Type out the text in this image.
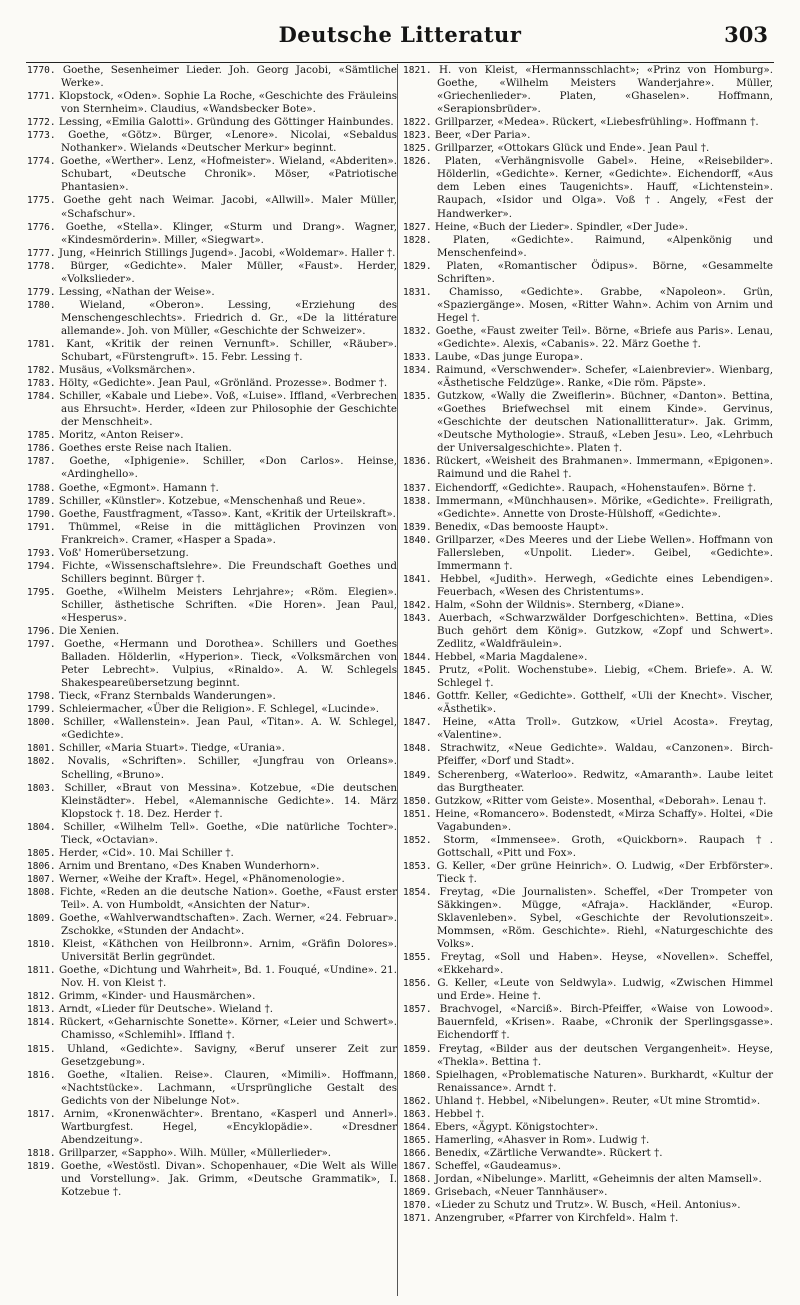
Deutsche Litteratur	303

1770. Goethe, Sesenheimer Lieder. Joh. Georg Jacobi, «Sämtliche Werke».

1771. Klopstock, «Oden». Sophie La Roche, «Geschichte des Fräuleins von Sternheim». Claudius, «Wandsbecker Bote».

1772. Lessing, «Emilia Galotti». Gründung des Göttinger Hainbundes.

1773. Goethe, «Götz». Bürger, «Lenore». Nicolai, «Sebaldus Nothanker». Wielands «Deutscher Merkur» beginnt.

1774. Goethe, «Werther». Lenz, «Hofmeister». Wieland, «Abderiten». Schubart, «Deutsche Chronik». Möser, «Patriotische Phantasien».

1775. Goethe geht nach Weimar. Jacobi, «Allwill». Maler Müller, «Schafschur».

1776. Goethe, «Stella». Klinger, «Sturm und Drang». Wagner, «Kindesmörderin». Miller, «Siegwart».

1777. Jung, «Heinrich Stillings Jugend». Jacobi, «Woldemar». Haller †.

1778. Bürger, «Gedichte». Maler Müller, «Faust». Herder, «Volkslieder».

1779. Lessing, «Nathan der Weise».

1780. Wieland, «Oberon». Lessing, «Erziehung des Menschengeschlechts». Friedrich d. Gr., «De la littérature allemande». Joh. von Müller, «Geschichte der Schweizer».

1781. Kant, «Kritik der reinen Vernunft». Schiller, «Räuber». Schubart, «Fürstengruft». 15. Febr. Lessing †.

1782. Musäus, «Volksmärchen».

1783. Hölty, «Gedichte». Jean Paul, «Grönländ. Prozesse». Bodmer †.

1784. Schiller, «Kabale und Liebe». Voß, «Luise». Iffland, «Verbrechen aus Ehrsucht». Herder, «Ideen zur Philosophie der Geschichte der Menschheit».

1785. Moritz, «Anton Reiser».

1786. Goethes erste Reise nach Italien.

1787. Goethe, «Iphigenie». Schiller, «Don Carlos». Heinse, «Ardinghello».

1788. Goethe, «Egmont». Hamann †.

1789. Schiller, «Künstler». Kotzebue, «Menschenhaß und Reue».

1790. Goethe, Faustfragment, «Tasso». Kant, «Kritik der Urteilskraft».

1791. Thümmel, «Reise in die mittäglichen Provinzen von Frankreich». Cramer, «Hasper a Spada».

1793. Voß' Homerübersetzung.

1794. Fichte, «Wissenschaftslehre». Die Freundschaft Goethes und Schillers beginnt. Bürger †.

1795. Goethe, «Wilhelm Meisters Lehrjahre»; «Röm. Elegien». Schiller, ästhetische Schriften. «Die Horen». Jean Paul, «Hesperus».

1796. Die Xenien.

1797. Goethe, «Hermann und Dorothea». Schillers und Goethes Balladen. Hölderlin, «Hyperion». Tieck, «Volksmärchen von Peter Lebrecht». Vulpius, «Rinaldo». A. W. Schlegels Shakespeareübersetzung beginnt.

1798. Tieck, «Franz Sternbalds Wanderungen».

1799. Schleiermacher, «Über die Religion». F. Schlegel, «Lucinde».

1800. Schiller, «Wallenstein». Jean Paul, «Titan». A. W. Schlegel, «Gedichte».

1801. Schiller, «Maria Stuart». Tiedge, «Urania».

1802. Novalis, «Schriften». Schiller, «Jungfrau von Orleans». Schelling, «Bruno».

1803. Schiller, «Braut von Messina». Kotzebue, «Die deutschen Kleinstädter». Hebel, «Alemannische Gedichte». 14. März Klopstock †. 18. Dez. Herder †.

1804. Schiller, «Wilhelm Tell». Goethe, «Die natürliche Tochter». Tieck, «Octavian».

1805. Herder, «Cid». 10. Mai Schiller †.

1806. Arnim und Brentano, «Des Knaben Wunderhorn».

1807. Werner, «Weihe der Kraft». Hegel, «Phänomenologie».

1808. Fichte, «Reden an die deutsche Nation». Goethe, «Faust erster Teil». A. von Humboldt, «Ansichten der Natur».

1809. Goethe, «Wahlverwandtschaften». Zach. Werner, «24. Februar». Zschokke, «Stunden der Andacht».

1810. Kleist, «Käthchen von Heilbronn». Arnim, «Gräfin Dolores». Universität Berlin gegründet.

1811. Goethe, «Dichtung und Wahrheit», Bd. 1. Fouqué, «Undine». 21. Nov. H. von Kleist †.

1812. Grimm, «Kinder- und Hausmärchen».

1813. Arndt, «Lieder für Deutsche». Wieland †.

1814. Rückert, «Geharnischte Sonette». Körner, «Leier und Schwert». Chamisso, «Schlemihl». Iffland †.

1815. Uhland, «Gedichte». Savigny, «Beruf unserer Zeit zur Gesetzgebung».

1816. Goethe, «Italien. Reise». Clauren, «Mimili». Hoffmann, «Nachtstücke». Lachmann, «Ursprüngliche Gestalt des Gedichts von der Nibelunge Not».

1817. Arnim, «Kronenwächter». Brentano, «Kasperl und Annerl». Wartburgfest. Hegel, «Encyklopädie». «Dresdner Abendzeitung».

1818. Grillparzer, «Sappho». Wilh. Müller, «Müllerlieder».

1819. Goethe, «Westöstl. Divan». Schopenhauer, «Die Welt als Wille und Vorstellung». Jak. Grimm, «Deutsche Grammatik», I. Kotzebue †.

1821. H. von Kleist, «Hermannsschlacht»; «Prinz von Homburg». Goethe, «Wilhelm Meisters Wanderjahre». Müller, «Griechenlieder». Platen, «Ghaselen». Hoffmann, «Serapionsbrüder».

1822. Grillparzer, «Medea». Rückert, «Liebesfrühling». Hoffmann †.

1823. Beer, «Der Paria».

1825. Grillparzer, «Ottokars Glück und Ende». Jean Paul †.

1826. Platen, «Verhängnisvolle Gabel». Heine, «Reisebilder». Hölderlin, «Gedichte». Kerner, «Gedichte». Eichendorff, «Aus dem Leben eines Taugenichts». Hauff, «Lichtenstein». Raupach, «Isidor und Olga». Voß †. Angely, «Fest der Handwerker».

1827. Heine, «Buch der Lieder». Spindler, «Der Jude».

1828. Platen, «Gedichte». Raimund, «Alpenkönig und Menschenfeind».

1829. Platen, «Romantischer Ödipus». Börne, «Gesammelte Schriften».

1831. Chamisso, «Gedichte». Grabbe, «Napoleon». Grün, «Spaziergänge». Mosen, «Ritter Wahn». Achim von Arnim und Hegel †.

1832. Goethe, «Faust zweiter Teil». Börne, «Briefe aus Paris». Lenau, «Gedichte». Alexis, «Cabanis». 22. März Goethe †.

1833. Laube, «Das junge Europa».

1834. Raimund, «Verschwender». Schefer, «Laienbrevier». Wienbarg, «Ästhetische Feldzüge». Ranke, «Die röm. Päpste».

1835. Gutzkow, «Wally die Zweiflerin». Büchner, «Danton». Bettina, «Goethes Briefwechsel mit einem Kinde». Gervinus, «Geschichte der deutschen Nationallitteratur». Jak. Grimm, «Deutsche Mythologie». Strauß, «Leben Jesu». Leo, «Lehrbuch der Universalgeschichte». Platen †.

1836. Rückert, «Weisheit des Brahmanen». Immermann, «Epigonen». Raimund und die Rahel †.

1837. Eichendorff, «Gedichte». Raupach, «Hohenstaufen». Börne †.

1838. Immermann, «Münchhausen». Mörike, «Gedichte». Freiligrath, «Gedichte». Annette von Droste-Hülshoff, «Gedichte».

1839. Benedix, «Das bemooste Haupt».

1840. Grillparzer, «Des Meeres und der Liebe Wellen». Hoffmann von Fallersleben, «Unpolit. Lieder». Geibel, «Gedichte». Immermann †.

1841. Hebbel, «Judith». Herwegh, «Gedichte eines Lebendigen». Feuerbach, «Wesen des Christentums».

1842. Halm, «Sohn der Wildnis». Sternberg, «Diane».

1843. Auerbach, «Schwarzwälder Dorfgeschichten». Bettina, «Dies Buch gehört dem König». Gutzkow, «Zopf und Schwert». Zedlitz, «Waldfräulein».

1844. Hebbel, «Maria Magdalene».

1845. Prutz, «Polit. Wochenstube». Liebig, «Chem. Briefe». A. W. Schlegel †.

1846. Gottfr. Keller, «Gedichte». Gotthelf, «Uli der Knecht». Vischer, «Ästhetik».

1847. Heine, «Atta Troll». Gutzkow, «Uriel Acosta». Freytag, «Valentine».

1848. Strachwitz, «Neue Gedichte». Waldau, «Canzonen». Birch-Pfeiffer, «Dorf und Stadt».

1849. Scherenberg, «Waterloo». Redwitz, «Amaranth». Laube leitet das Burgtheater.

1850. Gutzkow, «Ritter vom Geiste». Mosenthal, «Deborah». Lenau †.

1851. Heine, «Romancero». Bodenstedt, «Mirza Schaffy». Holtei, «Die Vagabunden».

1852. Storm, «Immensee». Groth, «Quickborn». Raupach †. Gottschall, «Pitt und Fox».

1853. G. Keller, «Der grüne Heinrich». O. Ludwig, «Der Erbförster». Tieck †.

1854. Freytag, «Die Journalisten». Scheffel, «Der Trompeter von Säkkingen». Mügge, «Afraja». Hackländer, «Europ. Sklavenleben». Sybel, «Geschichte der Revolutionszeit». Mommsen, «Röm. Geschichte». Riehl, «Naturgeschichte des Volks».

1855. Freytag, «Soll und Haben». Heyse, «Novellen». Scheffel, «Ekkehard».

1856. G. Keller, «Leute von Seldwyla». Ludwig, «Zwischen Himmel und Erde». Heine †.

1857. Brachvogel, «Narciß». Birch-Pfeiffer, «Waise von Lowood». Bauernfeld, «Krisen». Raabe, «Chronik der Sperlingsgasse». Eichendorff †.

1859. Freytag, «Bilder aus der deutschen Vergangenheit». Heyse, «Thekla». Bettina †.

1860. Spielhagen, «Problematische Naturen». Burkhardt, «Kultur der Renaissance». Arndt †.

1862. Uhland †. Hebbel, «Nibelungen». Reuter, «Ut mine Stromtid».

1863. Hebbel †.

1864. Ebers, «Ägypt. Königstochter».

1865. Hamerling, «Ahasver in Rom». Ludwig †.

1866. Benedix, «Zärtliche Verwandte». Rückert †.

1867. Scheffel, «Gaudeamus».

1868. Jordan, «Nibelunge». Marlitt, «Geheimnis der alten Mamsell».

1869. Grisebach, «Neuer Tannhäuser».

1870. «Lieder zu Schutz und Trutz». W. Busch, «Heil. Antonius».

1871. Anzengruber, «Pfarrer von Kirchfeld». Halm †.
